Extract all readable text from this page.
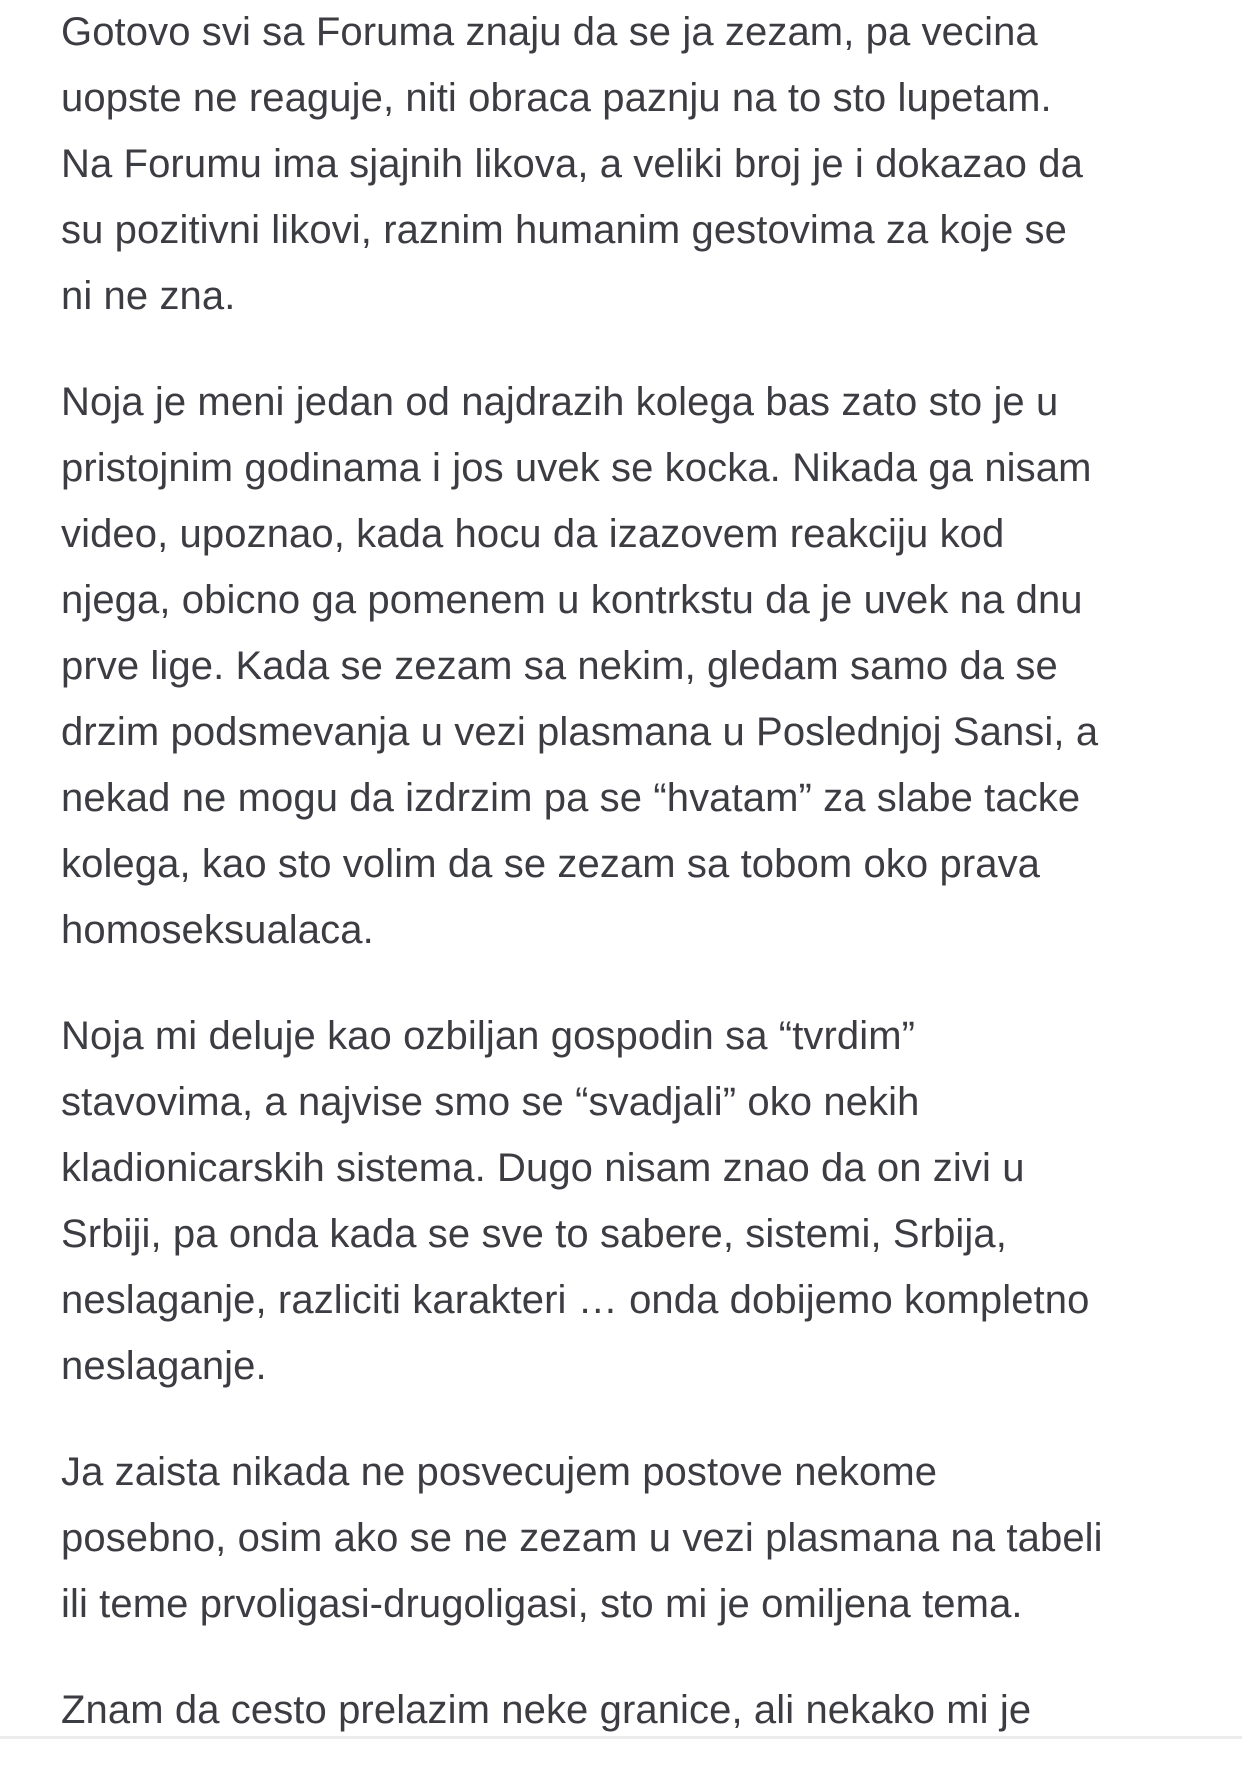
Gotovo svi sa Foruma znaju da se ja zezam, pa vecina
uopste ne reaguje, niti obraca paznju na to sto lupetam.
Na Forumu ima sjajnih likova, a veliki broj je i dokazao da
su pozitivni likovi, raznim humanim gestovima za koje se
ni ne zna.

Noja je meni jedan od najdrazih kolega bas zato sto je u
pristojnim godinama i jos uvek se kocka. Nikada ga nisam
video, upoznao, kada hocu da izazovem reakciju kod
njega, obicno ga pomenem u kontrkstu da je uvek na dnu
prve lige. Kada se zezam sa nekim, gledam samo da se
drzim podsmevanja u vezi plasmana u Poslednjoj Sansi, a
nekad ne mogu da izdrzim pa se “hvatam” za slabe tacke
kolega, kao sto volim da se zezam sa tobom oko prava
homoseksualaca.

Noja mi deluje kao ozbiljan gospodin sa “tvrdim”
stavovima, a najvise smo se “svadjali” oko nekih
kladionicarskih sistema. Dugo nisam znao da on zivi u
Srbiji, pa onda kada se sve to sabere, sistemi, Srbija,
neslaganje, razliciti karakteri … onda dobijemo kompletno
neslaganje.

Ja zaista nikada ne posvecujem postove nekome
posebno, osim ako se ne zezam u vezi plasmana na tabeli
ili teme prvoligasi-drugoligasi, sto mi je omiljena tema.

Znam da cesto prelazim neke granice, ali nekako mi je
